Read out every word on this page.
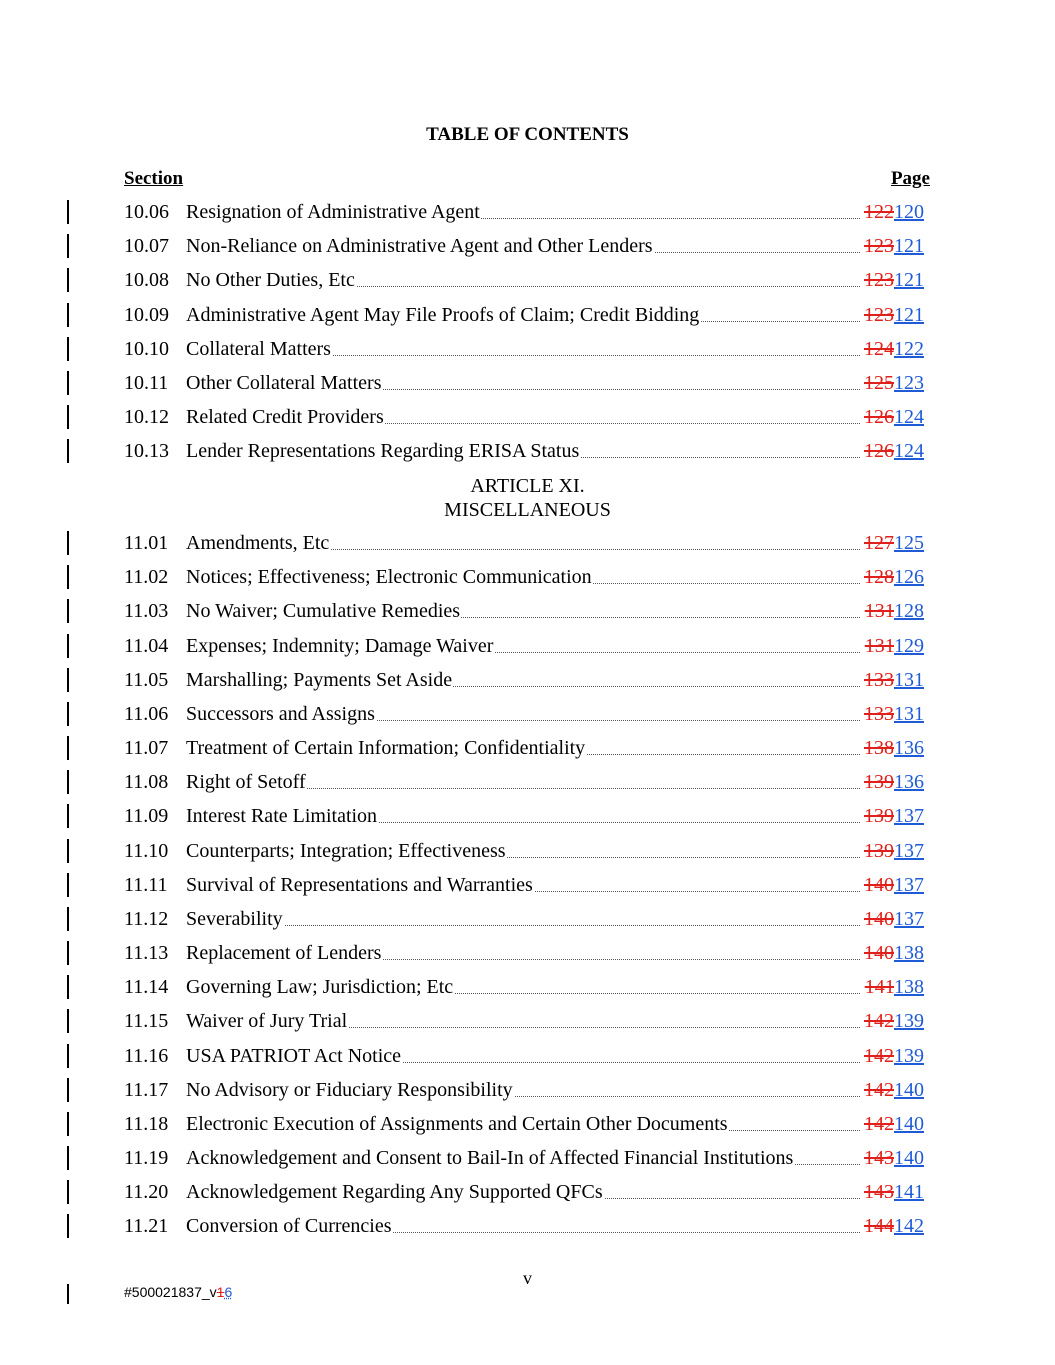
TABLE OF CONTENTS
Section	Page
10.06 Resignation of Administrative Agent	122120
10.07 Non-Reliance on Administrative Agent and Other Lenders	123121
10.08 No Other Duties, Etc	123121
10.09 Administrative Agent May File Proofs of Claim; Credit Bidding	123121
10.10 Collateral Matters	124122
10.11 Other Collateral Matters	125123
10.12 Related Credit Providers	126124
10.13 Lender Representations Regarding ERISA Status	126124
ARTICLE XI.
MISCELLANEOUS
11.01 Amendments, Etc	127125
11.02 Notices; Effectiveness; Electronic Communication	128126
11.03 No Waiver; Cumulative Remedies	131128
11.04 Expenses; Indemnity; Damage Waiver	131129
11.05 Marshalling; Payments Set Aside	133131
11.06 Successors and Assigns	133131
11.07 Treatment of Certain Information; Confidentiality	138136
11.08 Right of Setoff	139136
11.09 Interest Rate Limitation	139137
11.10 Counterparts; Integration; Effectiveness	139137
11.11 Survival of Representations and Warranties	140137
11.12 Severability	140137
11.13 Replacement of Lenders	140138
11.14 Governing Law; Jurisdiction; Etc	141138
11.15 Waiver of Jury Trial	142139
11.16 USA PATRIOT Act Notice	142139
11.17 No Advisory or Fiduciary Responsibility	142140
11.18 Electronic Execution of Assignments and Certain Other Documents	142140
11.19 Acknowledgement and Consent to Bail-In of Affected Financial Institutions	143140
11.20 Acknowledgement Regarding Any Supported QFCs	143141
11.21 Conversion of Currencies	144142
v
#500021837_v16
